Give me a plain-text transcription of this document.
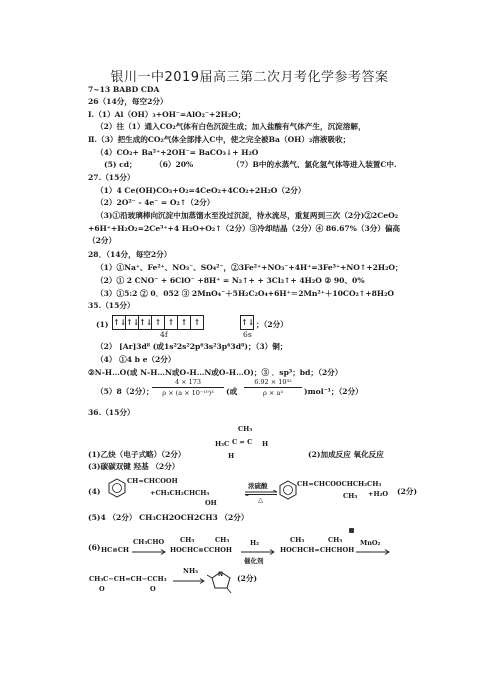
银川一中2019届高三第二次月考化学参考答案
7~13 BABD CDA
26（14分，每空2分）
Ⅰ.（1）Al（OH）₃+OH⁻=AlO₂⁻+2H₂O；
（2）往（1）通入CO₂气体有白色沉淀生成；加入盐酸有气体产生，沉淀溶解，
Ⅱ.（3）把生成的CO₂气体全部排入C中，使之完全被Ba（OH）₂溶液吸收；
（4）CO₂+ Ba²⁺+2OH⁻= BaCO₃↓+ H₂O
(5) cd； （6）20%	（7）B中的水蒸气、氯化氢气体等进入装置C中.
27.（15分）
（1）4 Ce(OH)CO₃+O₂=4CeO₂+4CO₂+2H₂O（2分）
（2）2O²⁻ - 4e⁻ = O₂↑（2分）
（3)①沿玻璃棒向沉淀中加蒸馏水至没过沉淀，待水流尽，重复两到三次（2分)②2CeO₂
+6H⁺+H₂O₂=2Ce³⁺+4 H₂O+O₂↑（2分）③冷却结晶（2分）④ 86.67%（3分）偏高
（2分）
28．（14分，每空2分）
（1）①Na⁺、Fe²⁺、NO₃⁻、SO₄²⁻，②3Fe²⁺+NO₃⁻+4H⁺=3Fe³⁺+NO↑+2H₂O；
（2）① 2 CNO⁻ + 6ClO⁻ +8H⁺ = N₂↑+ + 3Cl₂↑+ 4H₂O ② 90、0%
（3）①5:2 ② 0．052 ③ 2MnO₄⁻＋5H₂C₂O₄+6H⁺＝2Mn²⁺＋10CO₂↑+8H₂O
35.（15分）
(1) ↑↓ ↑↓ ↑↓ ↑ ↑ ↑ ↑	↑↓ ；（2分）
4f	6s
（2） [Ar]3d⁸ (或1s²2s²2p⁶3s²3p⁶3d⁸)；（3）铜；
（4） ①4 b e（2分）
②N-H…O(或 N-H…N或O-H…N或O-H…O)；③ ．sp³；bd；（2分）
（5）8（2分）；
4 × 173
ρ × (a × 10⁻¹⁰)³	(或
6.92 × 10³²
ρ × a³	)mol⁻¹；（2分）
36.（15分）
CH₃
H₃C C = C H
H
(1)乙炔（电子式略）（2分）	(2)加成反应 氧化反应
(3)碳碳双键 羟基 （2分）
(4)
CH=CHCOOH
+CH₃CH₂CHCH₃
OH
浓硫酸
△
CH=CHCOOCHCH₂CH₃
CH₃ +H₂O (2分)
(5)4 （2分） CH₃CH2OCH2CH3 （2分）
(6) HC≡CH
CH₃CHO CH₃	CH₃
HOCHC≡CCHOH
H₂
催化剂
CH₃	CH₃
HOCHCH=CHCHOH
MnO₂
CH₃C−CH=CH−CCH₃
O	O
NH₃	N (2分)
